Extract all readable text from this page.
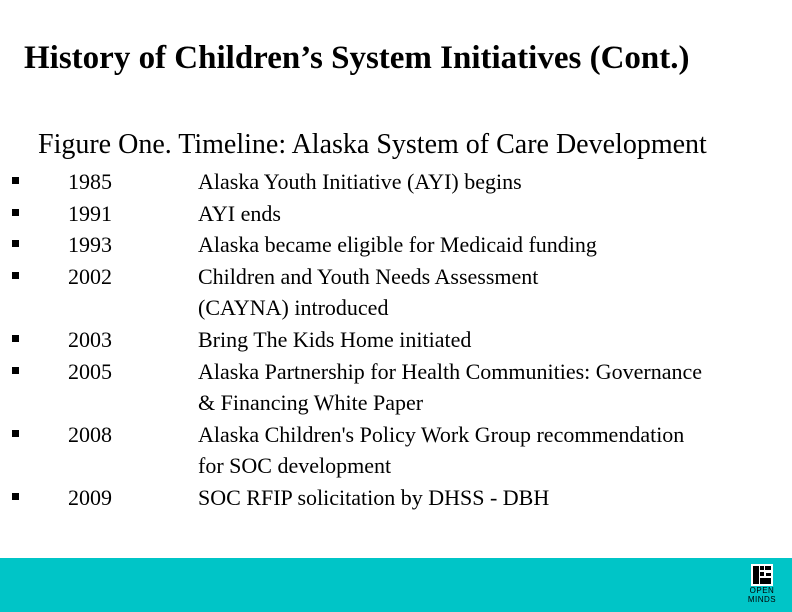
History of Children’s System Initiatives (Cont.)
Figure One. Timeline: Alaska System of Care Development
1985	Alaska Youth Initiative (AYI) begins
1991	AYI ends
1993	Alaska became eligible for Medicaid funding
2002	Children and Youth Needs Assessment
(CAYNA) introduced
2003	Bring The Kids Home initiated
2005	Alaska Partnership for Health Communities: Governance
& Financing White Paper
2008	Alaska Children's Policy Work Group recommendation
for SOC development
2009	SOC RFIP solicitation by DHSS - DBH
OPEN
MINDS
